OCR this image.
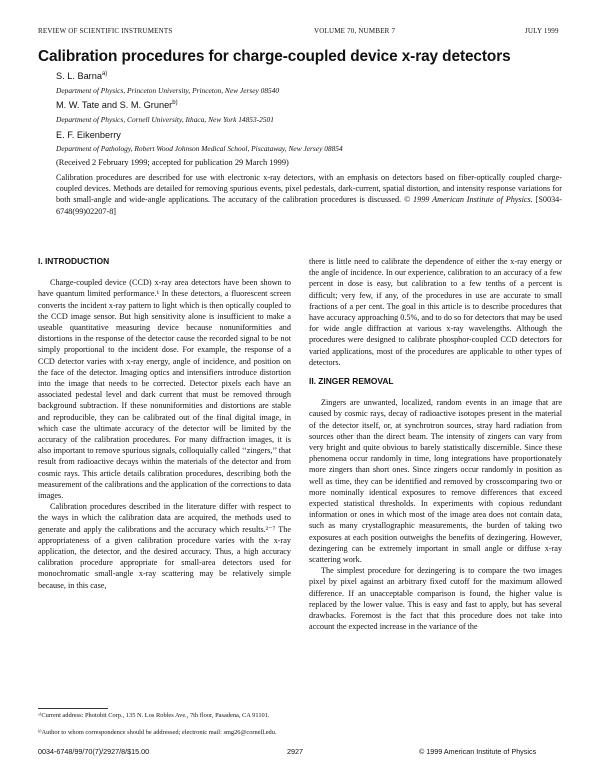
REVIEW OF SCIENTIFIC INSTRUMENTS	VOLUME 70, NUMBER 7	JULY 1999
Calibration procedures for charge-coupled device x-ray detectors
S. L. Barna$^{a)}$
Department of Physics, Princeton University, Princeton, New Jersey 08540
M. W. Tate and S. M. Gruner$^{b)}$
Department of Physics, Cornell University, Ithaca, New York 14853-2501
E. F. Eikenberry
Department of Pathology, Robert Wood Johnson Medical School, Piscataway, New Jersey 08854
(Received 2 February 1999; accepted for publication 29 March 1999)
Calibration procedures are described for use with electronic x-ray detectors, with an emphasis on detectors based on fiber-optically coupled charge-coupled devices. Methods are detailed for removing spurious events, pixel pedestals, dark-current, spatial distortion, and intensity response variations for both small-angle and wide-angle applications. The accuracy of the calibration procedures is discussed. © 1999 American Institute of Physics. [S0034-6748(99)02207-8]
I. INTRODUCTION

Charge-coupled device (CCD) x-ray area detectors have been shown to have quantum limited performance.¹ In these detectors, a fluorescent screen converts the incident x-ray pattern to light which is then optically coupled to the CCD image sensor. But high sensitivity alone is insufficient to make a useable quantitative measuring device because nonuniformities and distortions in the response of the detector cause the recorded signal to be not simply proportional to the incident dose. For example, the response of a CCD detector varies with x-ray energy, angle of incidence, and position on the face of the detector. Imaging optics and intensifiers introduce distortion into the image that needs to be corrected. Detector pixels each have an associated pedestal level and dark current that must be removed through background subtraction. If these nonuniformities and distortions are stable and reproducible, they can be calibrated out of the final digital image, in which case the ultimate accuracy of the detector will be limited by the accuracy of the calibration procedures. For many diffraction images, it is also important to remove spurious signals, colloquially called ‘‘zingers,’’ that result from radioactive decays within the materials of the detector and from cosmic rays. This article details calibration procedures, describing both the measurement of the calibrations and the application of the corrections to data images.

Calibration procedures described in the literature differ with respect to the ways in which the calibration data are acquired, the methods used to generate and apply the calibrations and the accuracy which results.²⁻⁷ The appropriateness of a given calibration procedure varies with the x-ray application, the detector, and the desired accuracy. Thus, a high accuracy calibration procedure appropriate for small-area detectors used for monochromatic small-angle x-ray scattering may be relatively simple because, in this case,

there is little need to calibrate the dependence of either the x-ray energy or the angle of incidence. In our experience, calibration to an accuracy of a few percent in dose is easy, but calibration to a few tenths of a percent is difficult; very few, if any, of the procedures in use are accurate to small fractions of a per cent. The goal in this article is to describe procedures that have accuracy approaching 0.5%, and to do so for detectors that may be used for wide angle diffraction at various x-ray wavelengths. Although the procedures were designed to calibrate phosphor-coupled CCD detectors for varied applications, most of the procedures are applicable to other types of detectors.

II. ZINGER REMOVAL

Zingers are unwanted, localized, random events in an image that are caused by cosmic rays, decay of radioactive isotopes present in the material of the detector itself, or, at synchrotron sources, stray hard radiation from sources other than the direct beam. The intensity of zingers can vary from very bright and quite obvious to barely statistically discernible. Since these phenomena occur randomly in time, long integrations have proportionately more zingers than short ones. Since zingers occur randomly in position as well as time, they can be identified and removed by crosscomparing two or more nominally identical exposures to remove differences that exceed expected statistical thresholds. In experiments with copious redundant information or ones in which most of the image area does not contain data, such as many crystallographic measurements, the burden of taking two exposures at each position outweighs the benefits of dezingering. However, dezingering can be extremely important in small angle or diffuse x-ray scattering work.

The simplest procedure for dezingering is to compare the two images pixel by pixel against an arbitrary fixed cutoff for the maximum allowed difference. If an unacceptable comparison is found, the higher value is replaced by the lower value. This is easy and fast to apply, but has several drawbacks. Foremost is the fact that this procedure does not take into account the expected increase in the variance of the

ᵃ⁾Current address: Photobit Corp., 135 N. Los Robles Ave., 7th floor, Pasadena, CA 91101.
ᵇ⁾Author to whom correspondence should be addressed; electronic mail: smg26@cornell.edu.
0034-6748/99/70(7)/2927/8/$15.00	2927	© 1999 American Institute of Physics
